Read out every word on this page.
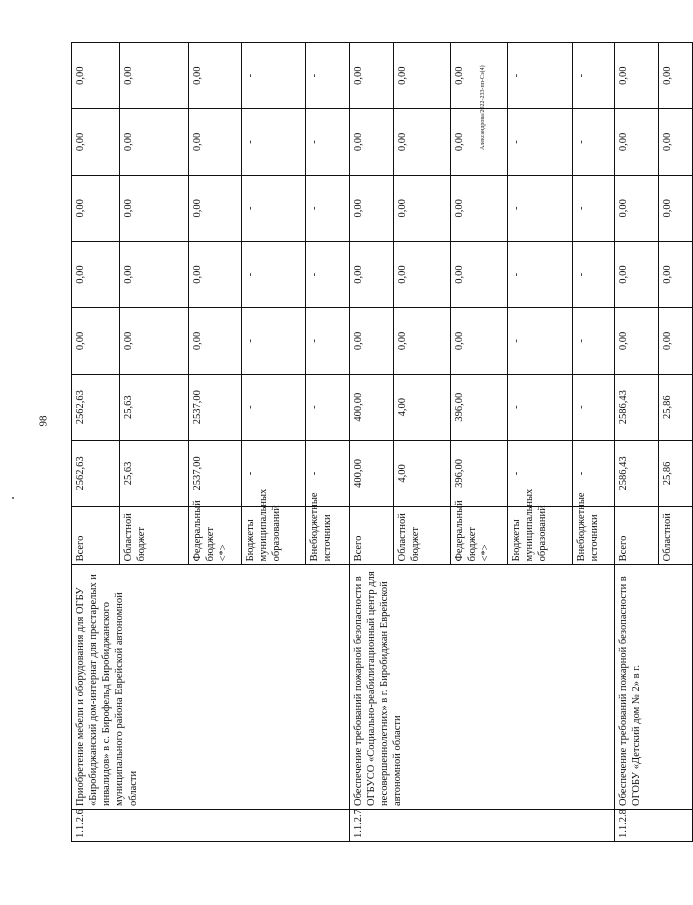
98
Александрова/2022-233-пп-Сэ(4)
1.1.2.6	Приобретение мебели и оборудования для ОГБУ «Биробиджанский дом-интернат для престарелых и инвалидов» в с. Бирофельд Биробиджанского муниципального района Еврейской автономной области	Всего	2562,63	2562,63	0,00	0,00	0,00	0,00	0,00
		Областной бюджет	25,63	25,63	0,00	0,00	0,00	0,00	0,00
		Федеральный бюджет <*>	2537,00	2537,00	0,00	0,00	0,00	0,00	0,00
		Бюджеты муниципальных образований	-	-	-	-	-	-	-
		Внебюджетные источники	-	-	-	-	-	-	-
1.1.2.7	Обеспечение требований пожарной безопасности в ОГБУСО «Социально-реабилитационный центр для несовершеннолетних» в г. Биробиджан Еврейской автономной области	Всего	400,00	400,00	0,00	0,00	0,00	0,00	0,00
		Областной бюджет	4,00	4,00	0,00	0,00	0,00	0,00	0,00
		Федеральный бюджет <*>	396,00	396,00	0,00	0,00	0,00	0,00	0,00
		Бюджеты муниципальных образований	-	-	-	-	-	-	-
		Внебюджетные источники	-	-	-	-	-	-	-
1.1.2.8	Обеспечение требований пожарной безопасности в ОГОБУ «Детский дом № 2» в г.	Всего	2586,43	2586,43	0,00	0,00	0,00	0,00	0,00
		Областной	25,86	25,86	0,00	0,00	0,00	0,00	0,00
